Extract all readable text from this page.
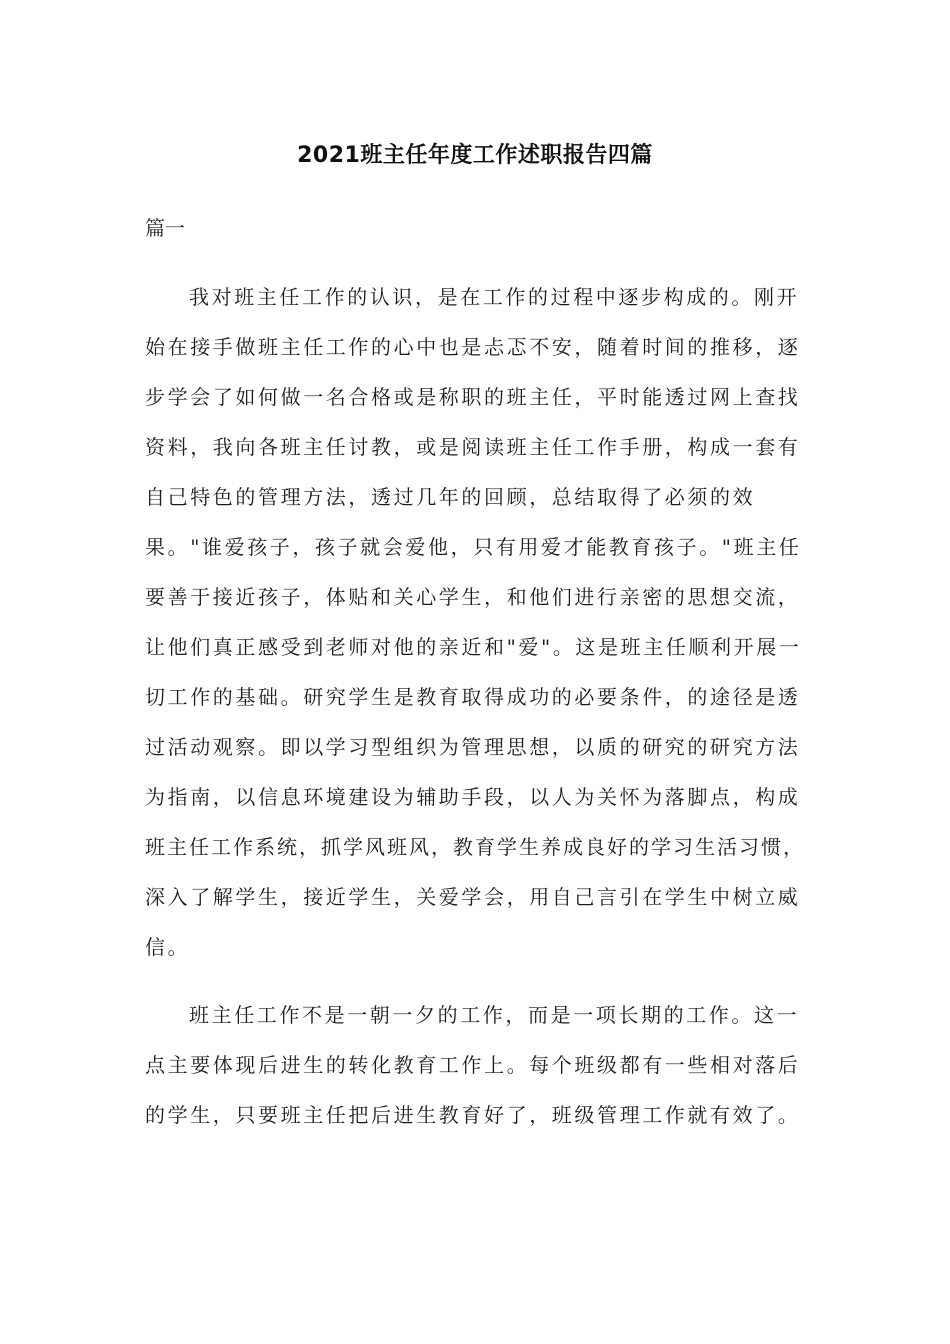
2021班主任年度工作述职报告四篇

篇一

我对班主任工作的认识，是在工作的过程中逐步构成的。刚开
始在接手做班主任工作的心中也是忐忑不安，随着时间的推移，逐
步学会了如何做一名合格或是称职的班主任，平时能透过网上查找
资料，我向各班主任讨教，或是阅读班主任工作手册，构成一套有
自己特色的管理方法，透过几年的回顾，总结取得了必须的效
果。"谁爱孩子，孩子就会爱他，只有用爱才能教育孩子。"班主任
要善于接近孩子，体贴和关心学生，和他们进行亲密的思想交流，
让他们真正感受到老师对他的亲近和"爱"。这是班主任顺利开展一
切工作的基础。研究学生是教育取得成功的必要条件，的途径是透
过活动观察。即以学习型组织为管理思想，以质的研究的研究方法
为指南，以信息环境建设为辅助手段，以人为关怀为落脚点，构成
班主任工作系统，抓学风班风，教育学生养成良好的学习生活习惯，
深入了解学生，接近学生，关爱学会，用自己言引在学生中树立威
信。
班主任工作不是一朝一夕的工作，而是一项长期的工作。这一
点主要体现后进生的转化教育工作上。每个班级都有一些相对落后
的学生，只要班主任把后进生教育好了，班级管理工作就有效了。
